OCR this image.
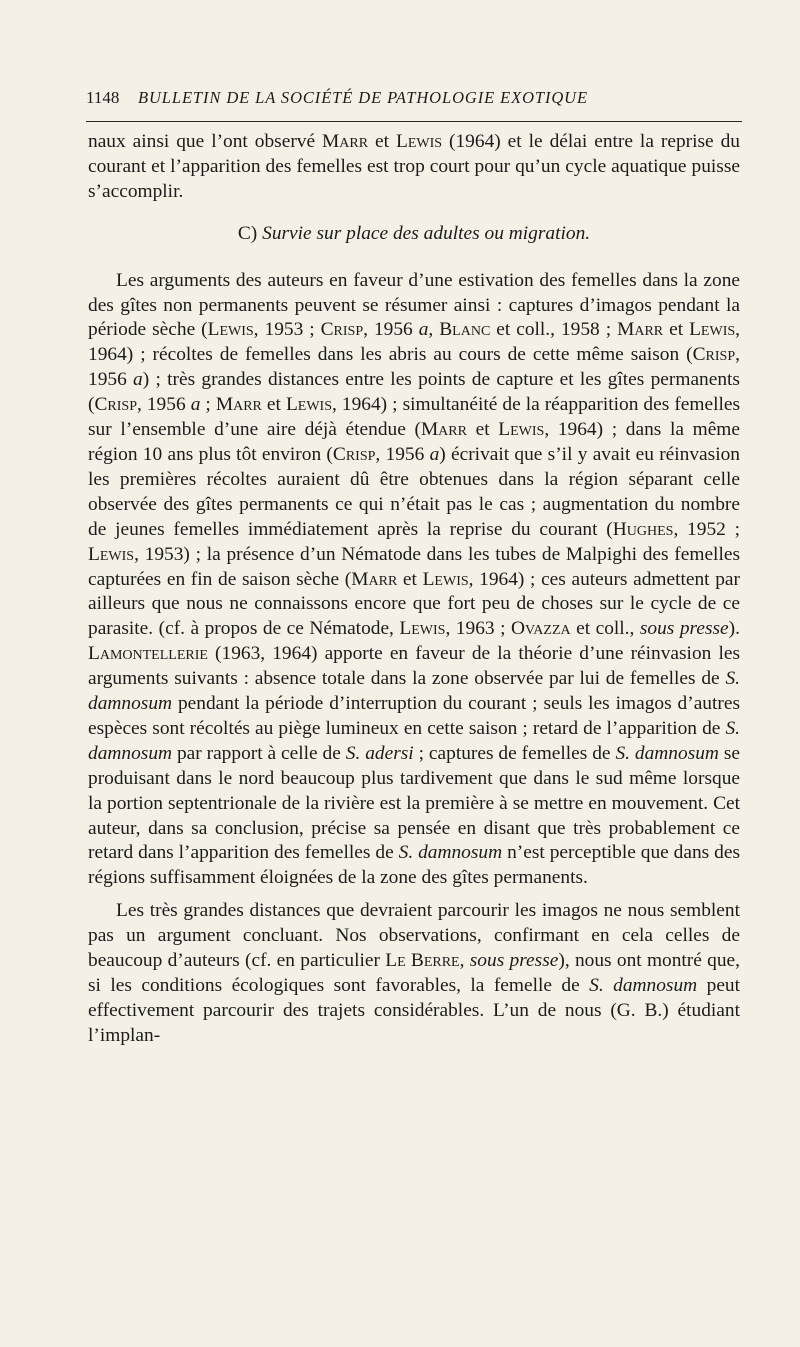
1148	BULLETIN DE LA SOCIÉTÉ DE PATHOLOGIE EXOTIQUE

naux ainsi que l’ont observé Marr et Lewis (1964) et le délai entre la reprise du courant et l’apparition des femelles est trop court pour qu’un cycle aquatique puisse s’accomplir.

C) Survie sur place des adultes ou migration.

Les arguments des auteurs en faveur d’une estivation des femelles dans la zone des gîtes non permanents peuvent se résumer ainsi : captures d’imagos pendant la période sèche (Lewis, 1953 ; Crisp, 1956 a, Blanc et coll., 1958 ; Marr et Lewis, 1964) ; récoltes de femelles dans les abris au cours de cette même saison (Crisp, 1956 a) ; très grandes distances entre les points de capture et les gîtes permanents (Crisp, 1956 a ; Marr et Lewis, 1964) ; simultanéité de la réapparition des femelles sur l’ensemble d’une aire déjà étendue (Marr et Lewis, 1964) ; dans la même région 10 ans plus tôt environ (Crisp, 1956 a) écrivait que s’il y avait eu réinvasion les premières récoltes auraient dû être obtenues dans la région séparant celle observée des gîtes permanents ce qui n’était pas le cas ; augmentation du nombre de jeunes femelles immédiatement après la reprise du courant (Hughes, 1952 ; Lewis, 1953) ; la présence d’un Nématode dans les tubes de Malpighi des femelles capturées en fin de saison sèche (Marr et Lewis, 1964) ; ces auteurs admettent par ailleurs que nous ne connaissons encore que fort peu de choses sur le cycle de ce parasite. (cf. à propos de ce Nématode, Lewis, 1963 ; Ovazza et coll., sous presse). Lamontellerie (1963, 1964) apporte en faveur de la théorie d’une réinvasion les arguments suivants : absence totale dans la zone observée par lui de femelles de S. damnosum pendant la période d’interruption du courant ; seuls les imagos d’autres espèces sont récoltés au piège lumineux en cette saison ; retard de l’apparition de S. damnosum par rapport à celle de S. adersi ; captures de femelles de S. damnosum se produisant dans le nord beaucoup plus tardivement que dans le sud même lorsque la portion septentrionale de la rivière est la première à se mettre en mouvement. Cet auteur, dans sa conclusion, précise sa pensée en disant que très probablement ce retard dans l’apparition des femelles de S. damnosum n’est perceptible que dans des régions suffisamment éloignées de la zone des gîtes permanents.

Les très grandes distances que devraient parcourir les imagos ne nous semblent pas un argument concluant. Nos observations, confirmant en cela celles de beaucoup d’auteurs (cf. en particulier Le Berre, sous presse), nous ont montré que, si les conditions écologiques sont favorables, la femelle de S. damnosum peut effectivement parcourir des trajets considérables. L’un de nous (G. B.) étudiant l’implan-
